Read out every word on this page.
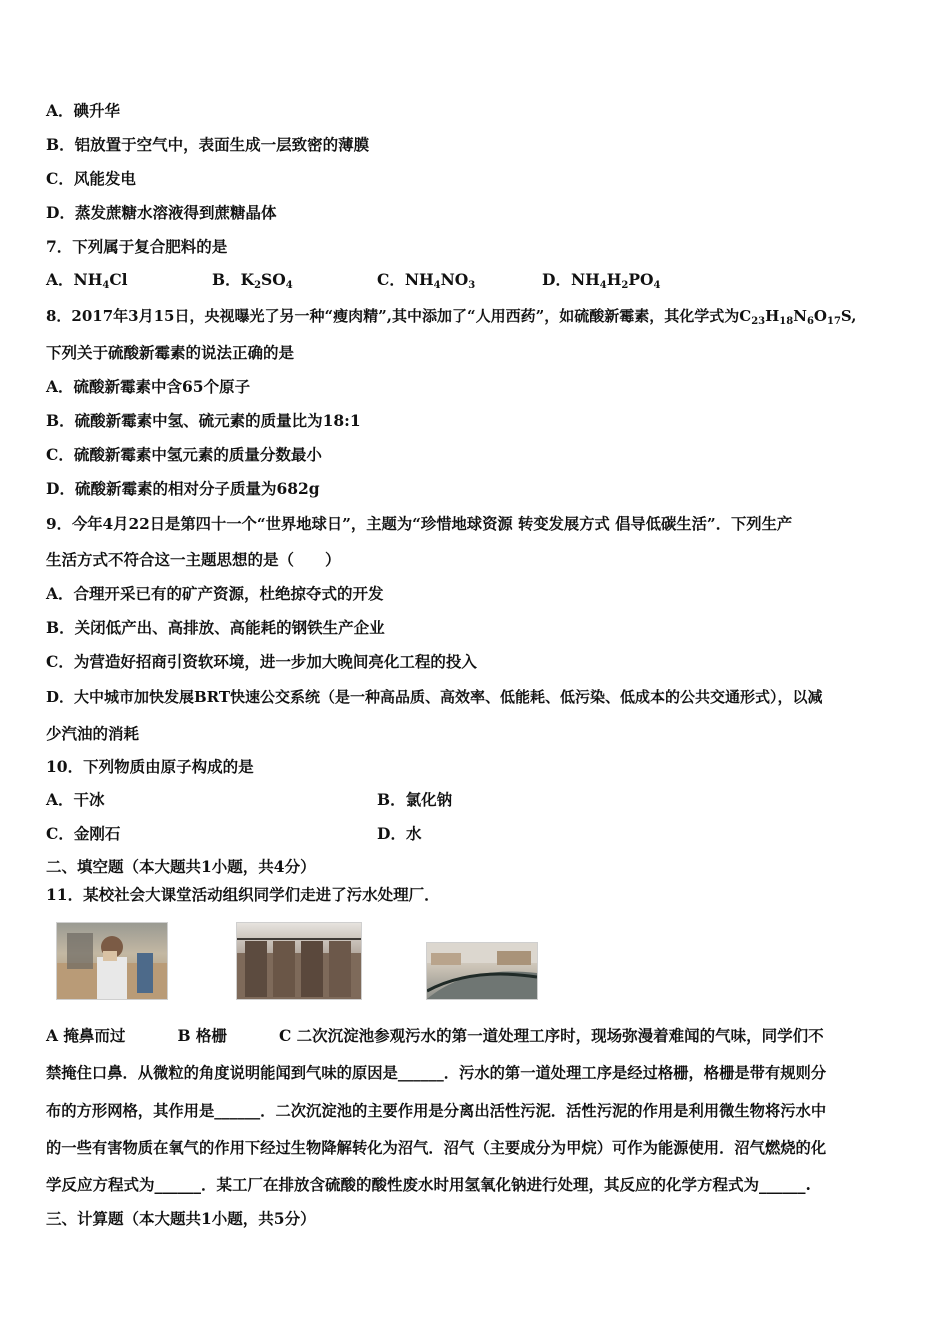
A．碘升华
B．铝放置于空气中，表面生成一层致密的薄膜
C．风能发电
D．蒸发蔗糖水溶液得到蔗糖晶体
7．下列属于复合肥料的是
A．$NH_4Cl$	B．$K_2SO_4$	C．$NH_4NO_3$	D．$NH_4H_2PO_4$
8．2017年3月15日，央视曝光了另一种“瘦肉精”,其中添加了“人用西药”，如硫酸新霉素，其化学式为$C_{23}H_{18}N_6O_{17}S$,
下列关于硫酸新霉素的说法正确的是
A．硫酸新霉素中含65个原子
B．硫酸新霉素中氢、硫元素的质量比为18:1
C．硫酸新霉素中氢元素的质量分数最小
D．硫酸新霉素的相对分子质量为682g
9．今年4月22日是第四十一个“世界地球日”，主题为“珍惜地球资源 转变发展方式 倡导低碳生活”．下列生产
生活方式不符合这一主题思想的是（　　）
A．合理开采已有的矿产资源，杜绝掠夺式的开发
B．关闭低产出、高排放、高能耗的钢铁生产企业
C．为营造好招商引资软环境，进一步加大晚间亮化工程的投入
D．大中城市加快发展BRT快速公交系统（是一种高品质、高效率、低能耗、低污染、低成本的公共交通形式），以减
少汽油的消耗
10．下列物质由原子构成的是
A．干冰	B．氯化钠
C．金刚石	D．水
二、填空题（本大题共1小题，共4分）
11．某校社会大课堂活动组织同学们走进了污水处理厂．
A 掩鼻而过	B 格栅	C 二次沉淀池参观污水的第一道处理工序时，现场弥漫着难闻的气味，同学们不
禁掩住口鼻．从微粒的角度说明能闻到气味的原因是______．污水的第一道处理工序是经过格栅，格栅是带有规则分
布的方形网格，其作用是______．二次沉淀池的主要作用是分离出活性污泥．活性污泥的作用是利用微生物将污水中
的一些有害物质在氧气的作用下经过生物降解转化为沼气．沼气（主要成分为甲烷）可作为能源使用．沼气燃烧的化
学反应方程式为______．某工厂在排放含硫酸的酸性废水时用氢氧化钠进行处理，其反应的化学方程式为______.
三、计算题（本大题共1小题，共5分）
